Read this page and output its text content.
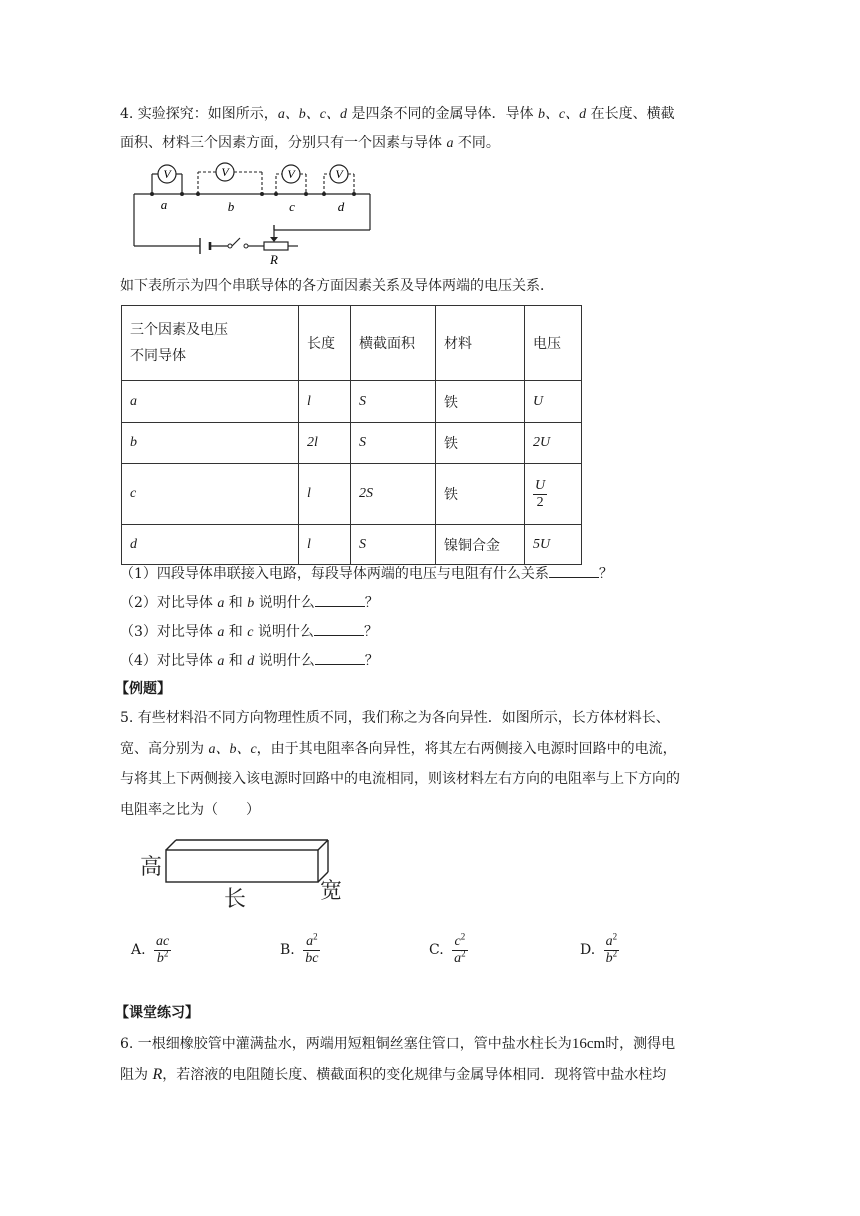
4. 实验探究：如图所示，a、b、c、d 是四条不同的金属导体．导体 b、c、d 在长度、横截
面积、材料三个因素方面，分别只有一个因素与导体 a 不同。
V	V	V	V
a	b	c	d
R
如下表所示为四个串联导体的各方面因素关系及导体两端的电压关系．
三个因素及电压
不同导体	长度	横截面积	材料	电压
a	l	S	铁	U
b	2l	S	铁	2U
c	l	2S	铁	$\frac{U}{2}$

d	l	S	镍铜合金	5U
（1）四段导体串联接入电路，每段导体两端的电压与电阻有什么关系	？
（2）对比导体 a 和 b 说明什么	？
（3）对比导体 a 和 c 说明什么	？
（4）对比导体 a 和 d 说明什么	？
【例题】
5. 有些材料沿不同方向物理性质不同，我们称之为各向异性．如图所示，长方体材料长、
宽、高分别为 a、b、c，由于其电阻率各向异性，将其左右两侧接入电源时回路中的电流，
与将其上下两侧接入该电源时回路中的电流相同，则该材料左右方向的电阻率与上下方向的
电阻率之比为（　　）
高
长	宽
A. $\frac{ac}{b^2}$	B. $\frac{a^2}{bc}$	C. $\frac{c^2}{a^2}$	D. $\frac{a^2}{b^2}$
【课堂练习】
6. 一根细橡胶管中灌满盐水，两端用短粗铜丝塞住管口，管中盐水柱长为16cm时，测得电
阻为 R，若溶液的电阻随长度、横截面积的变化规律与金属导体相同．现将管中盐水柱均
